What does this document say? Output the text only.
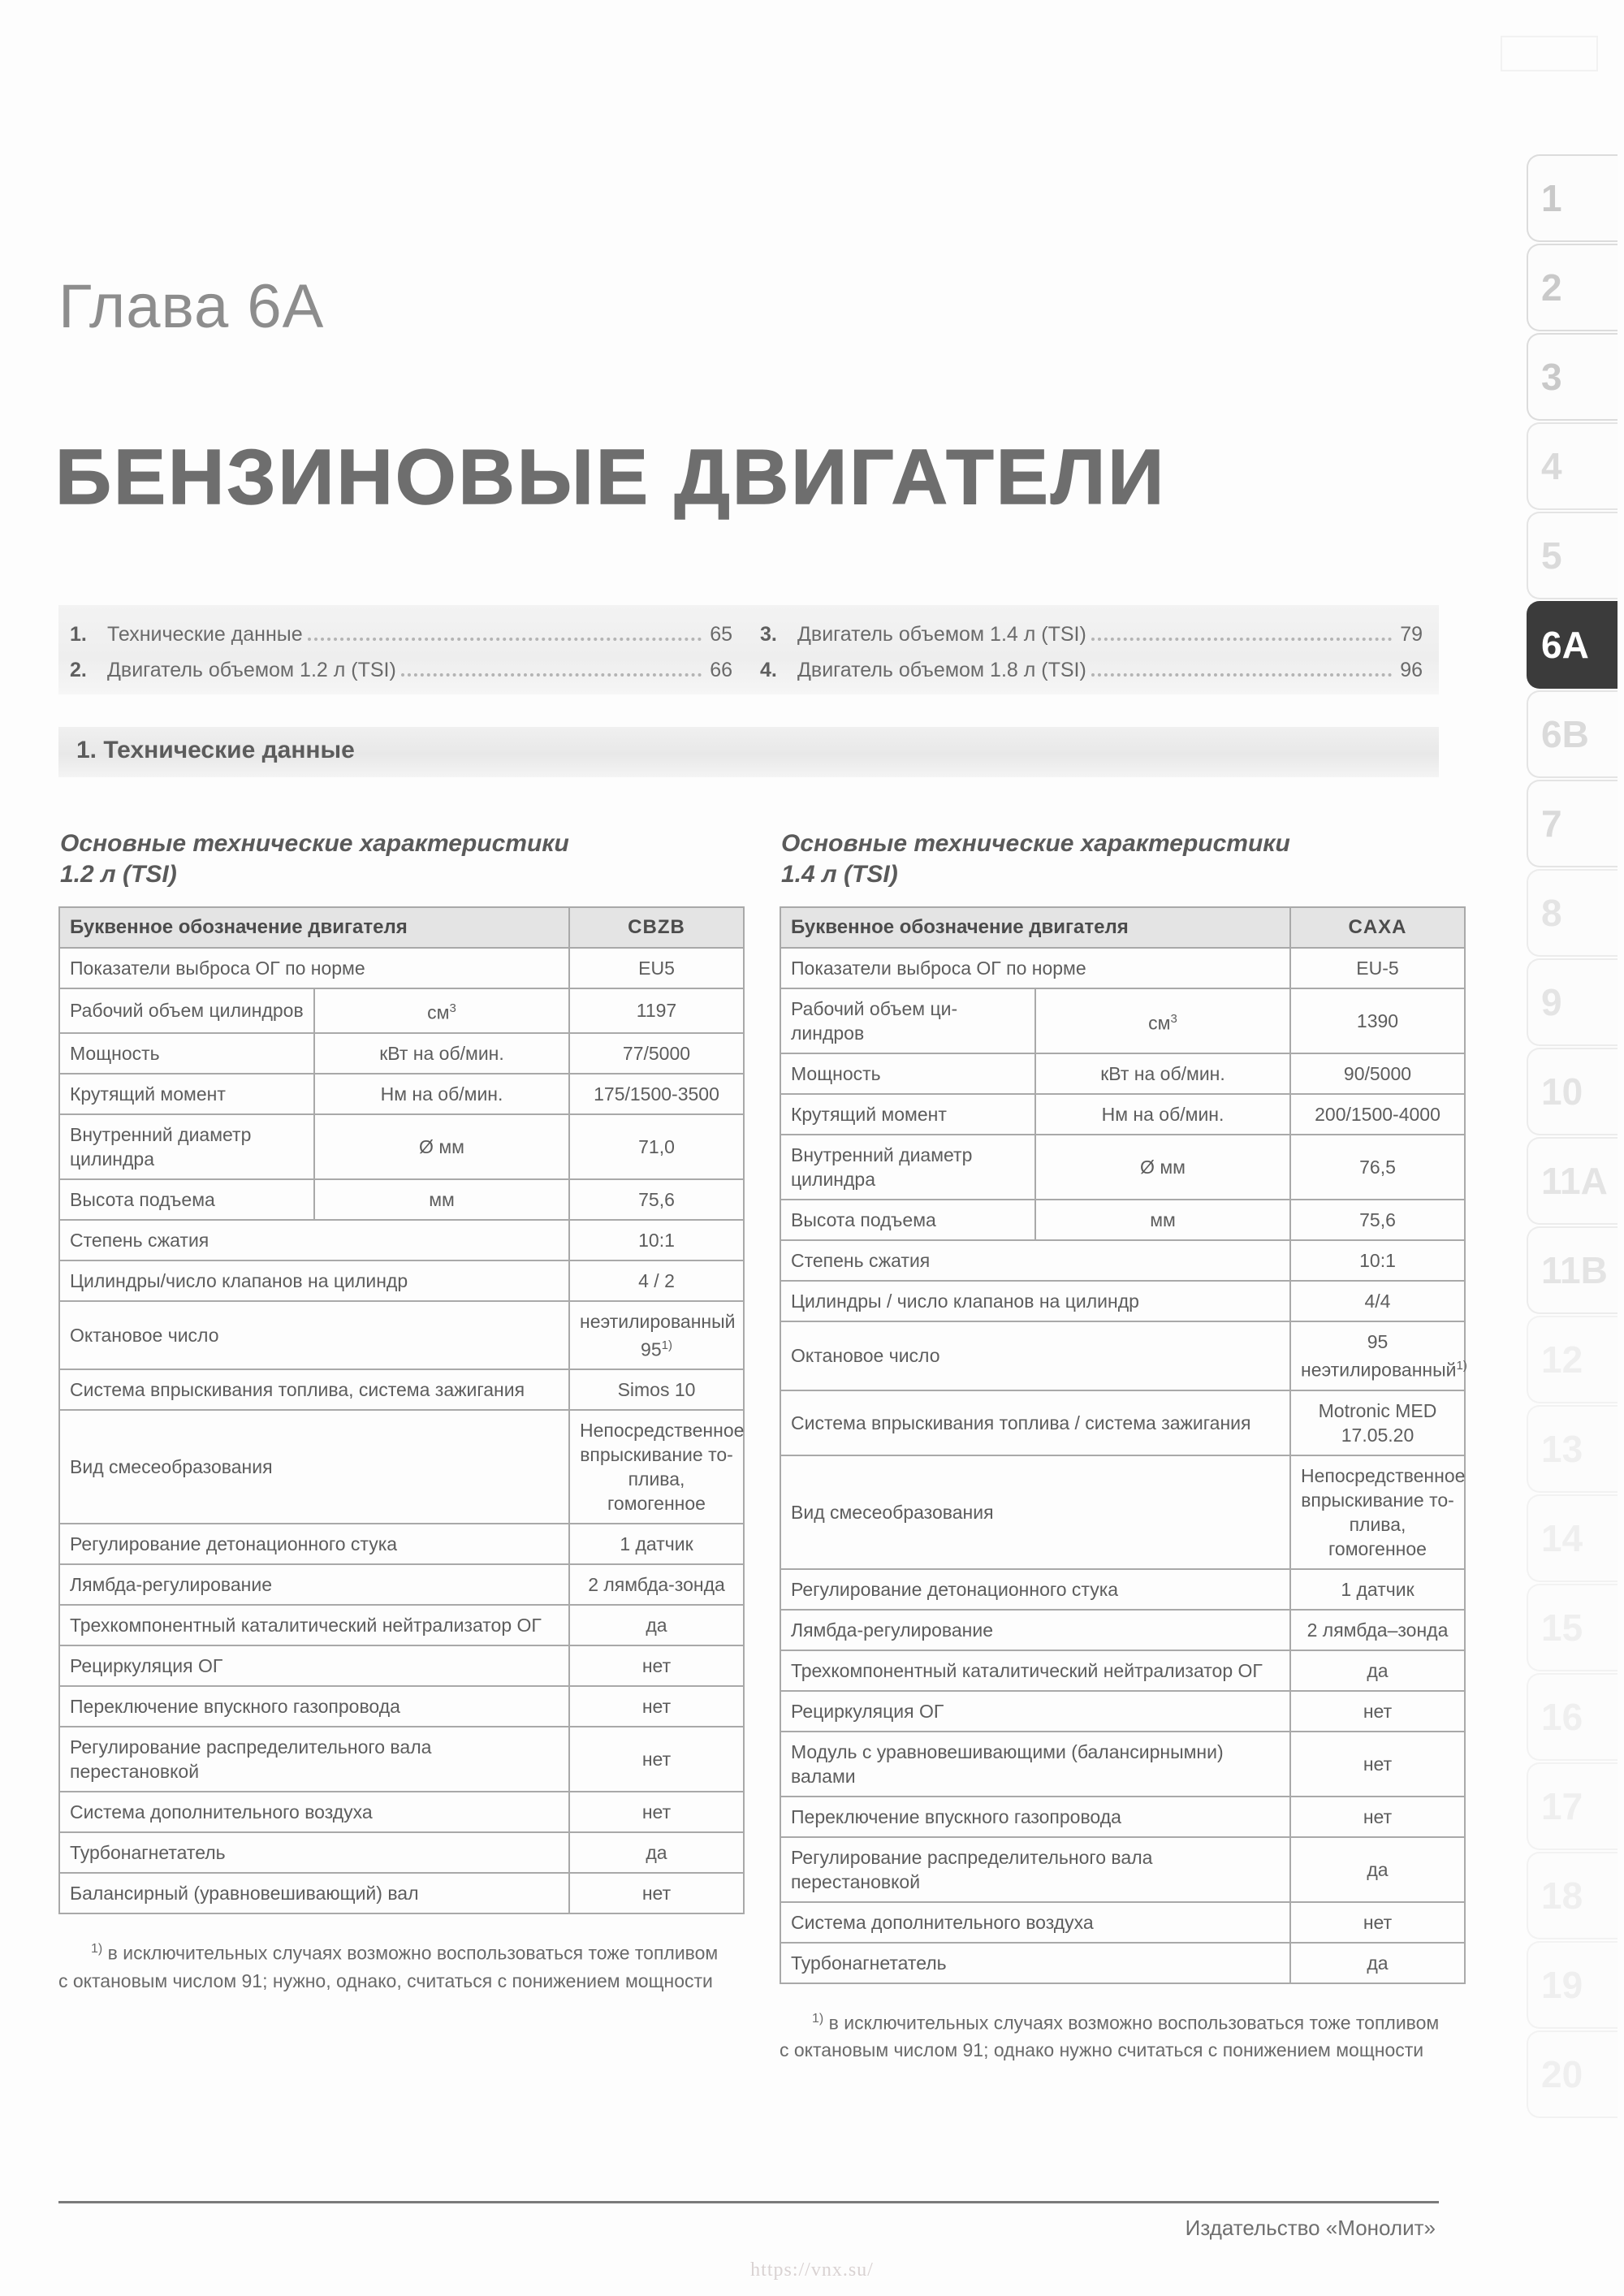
Глава 6А
БЕНЗИНОВЫЕ ДВИГАТЕЛИ
1.	Технические данные	65
2.	Двигатель объемом 1.2 л (TSI)	66
3.	Двигатель объемом 1.4 л (TSI)	79
4.	Двигатель объемом 1.8 л (TSI)	96
1. Технические данные
Основные технические характеристики
1.2 л (TSI)
Буквенное обозначение двигателя		CBZB
Показатели выброса ОГ по норме		EU5
Рабочий объем цилиндров	$см^3$	1197
Мощность	кВт на об/мин.	77/5000
Крутящий момент	Нм на об/мин.	175/1500-3500
Внутренний диаметр цилиндра	Ø мм	71,0
Высота подъема	мм	75,6
Степень сжатия		10:1
Цилиндры/число клапанов на цилиндр		4 / 2
Октановое число		неэтилированный 95$^{1)}$
Система впрыскивания топлива, система зажигания		Simos 10
Вид смесеобразования		Непосредственное впрыскивание то-плива, гомогенное
Регулирование детонационного стука		1 датчик
Лямбда-регулирование		2 лямбда-зонда
Трехкомпонентный каталитический нейтрализатор ОГ		да
Рециркуляция ОГ		нет
Переключение впускного газопровода		нет
Регулирование распределительного вала перестановкой		нет
Система дополнительного воздуха		нет
Турбонагнетатель		да
Балансирный (уравновешивающий) вал		нет
$^{1)}$ в исключительных случаях возможно воспользоваться тоже топливом с октановым числом 91; нужно, однако, считаться с понижением мощности
Основные технические характеристики
1.4 л (TSI)
Буквенное обозначение двигателя		CAXA
Показатели выброса ОГ по норме		EU-5
Рабочий объем ци-линдров	$см^3$	1390
Мощность	кВт на об/мин.	90/5000
Крутящий момент	Нм на об/мин.	200/1500-4000
Внутренний диаметр цилиндра	Ø мм	76,5
Высота подъема	мм	75,6
Степень сжатия		10:1
Цилиндры / число клапанов на цилиндр		4/4
Октановое число		95 неэтилированный$^{1)}$
Система впрыскивания топлива / система зажигания		Motronic MED 17.05.20
Вид смесеобразования		Непосредственное впрыскивание то-плива, гомогенное
Регулирование детонационного стука		1 датчик
Лямбда-регулирование		2 лямбда–зонда
Трехкомпонентный каталитический нейтрализатор ОГ		да
Рециркуляция ОГ		нет
Модуль с уравновешивающими (балансирнымни) валами		нет
Переключение впускного газопровода		нет
Регулирование распределительного вала перестановкой		да
Система дополнительного воздуха		нет
Турбонагнетатель		да
$^{1)}$ в исключительных случаях возможно воспользоваться тоже топливом с октановым числом 91; однако нужно считаться с понижением мощности
1
2
3
4
5
6A
6B
7
8
9
10
11A
11B
12
13
14
15
16
17
18
19
20
Издательство «Монолит»
https://vnx.su/
